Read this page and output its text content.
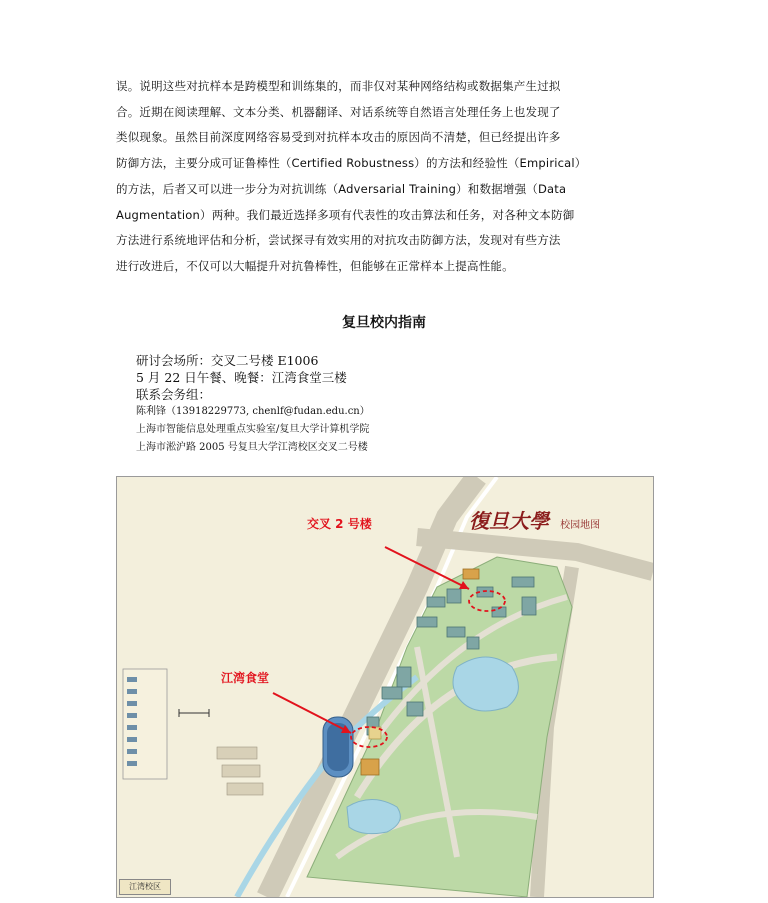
误。说明这些对抗样本是跨模型和训练集的，而非仅对某种网络结构或数据集产生过拟
合。近期在阅读理解、文本分类、机器翻译、对话系统等自然语言处理任务上也发现了
类似现象。虽然目前深度网络容易受到对抗样本攻击的原因尚不清楚，但已经提出许多
防御方法，主要分成可证鲁棒性（Certified Robustness）的方法和经验性（Empirical）
的方法，后者又可以进一步分为对抗训练（Adversarial Training）和数据增强（Data
Augmentation）两种。我们最近选择多项有代表性的攻击算法和任务，对各种文本防御
方法进行系统地评估和分析，尝试探寻有效实用的对抗攻击防御方法，发现对有些方法
进行改进后，不仅可以大幅提升对抗鲁棒性，但能够在正常样本上提高性能。
复旦校内指南
研讨会场所：交叉二号楼 E1006
5 月 22 日午餐、晚餐：江湾食堂三楼
联系会务组：
陈利锋（13918229773, chenlf@fudan.edu.cn）
上海市智能信息处理重点实验室/复旦大学计算机学院
上海市淞沪路 2005 号复旦大学江湾校区交叉二号楼
復旦大學 校园地图
交叉 2 号楼
江湾食堂
江湾校区
